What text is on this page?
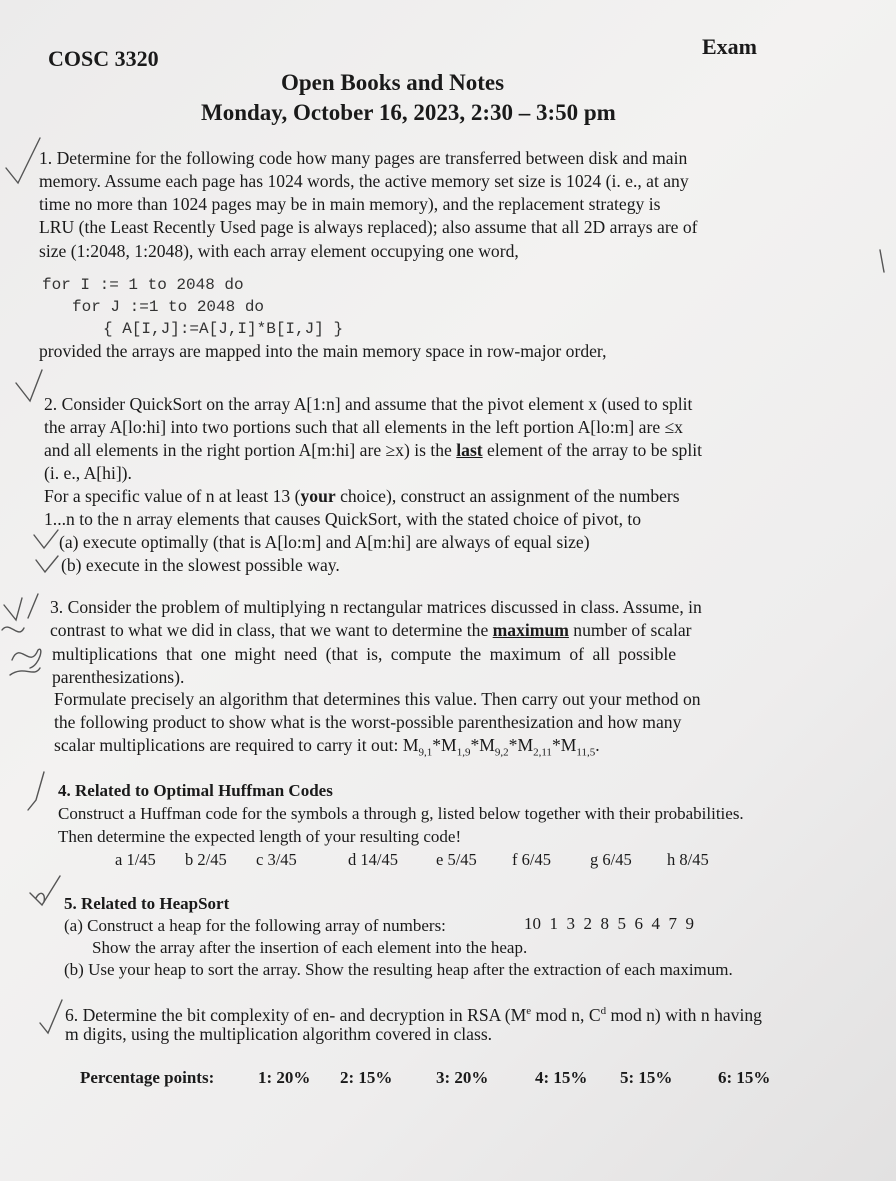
COSC 3320	Exam
Open Books and Notes
Monday, October 16, 2023, 2:30 – 3:50 pm
1. Determine for the following code how many pages are transferred between disk and main
memory. Assume each page has 1024 words, the active memory set size is 1024 (i. e., at any
time no more than 1024 pages may be in main memory), and the replacement strategy is
LRU (the Least Recently Used page is always replaced); also assume that all 2D arrays are of
size (1:2048, 1:2048), with each array element occupying one word,
for I := 1 to 2048 do
for J :=1 to 2048 do
{ A[I,J]:=A[J,I]*B[I,J] }
provided the arrays are mapped into the main memory space in row-major order,
2. Consider QuickSort on the array A[1:n] and assume that the pivot element x (used to split
the array A[lo:hi] into two portions such that all elements in the left portion A[lo:m] are ≤x
and all elements in the right portion A[m:hi] are ≥x) is the last element of the array to be split
(i. e., A[hi]).
For a specific value of n at least 13 (your choice), construct an assignment of the numbers
1...n to the n array elements that causes QuickSort, with the stated choice of pivot, to
(a) execute optimally (that is A[lo:m] and A[m:hi] are always of equal size)
(b) execute in the slowest possible way.
3. Consider the problem of multiplying n rectangular matrices discussed in class. Assume, in
contrast to what we did in class, that we want to determine the maximum number of scalar
multiplications that one might need (that is, compute the maximum of all possible
parenthesizations).
Formulate precisely an algorithm that determines this value. Then carry out your method on
the following product to show what is the worst-possible parenthesization and how many
scalar multiplications are required to carry it out: $M_{9,1}*M_{1,9}*M_{9,2}*M_{2,11}*M_{11,5}$.
4. Related to Optimal Huffman Codes
Construct a Huffman code for the symbols a through g, listed below together with their probabilities.
Then determine the expected length of your resulting code!
a 1/45 b 2/45 c 3/45	d 14/45 e 5/45 f 6/45 g 6/45 h 8/45
5. Related to HeapSort
(a) Construct a heap for the following array of numbers:	10  1  3  2  8  5  6  4  7  9
Show the array after the insertion of each element into the heap.
(b) Use your heap to sort the array. Show the resulting heap after the extraction of each maximum.
6. Determine the bit complexity of en- and decryption in RSA (Me mod n, $C^d$ mod n) with n having
m digits, using the multiplication algorithm covered in class.
Percentage points:	1: 20% 2: 15%	3: 20%	4: 15% 5: 15%	6: 15%
